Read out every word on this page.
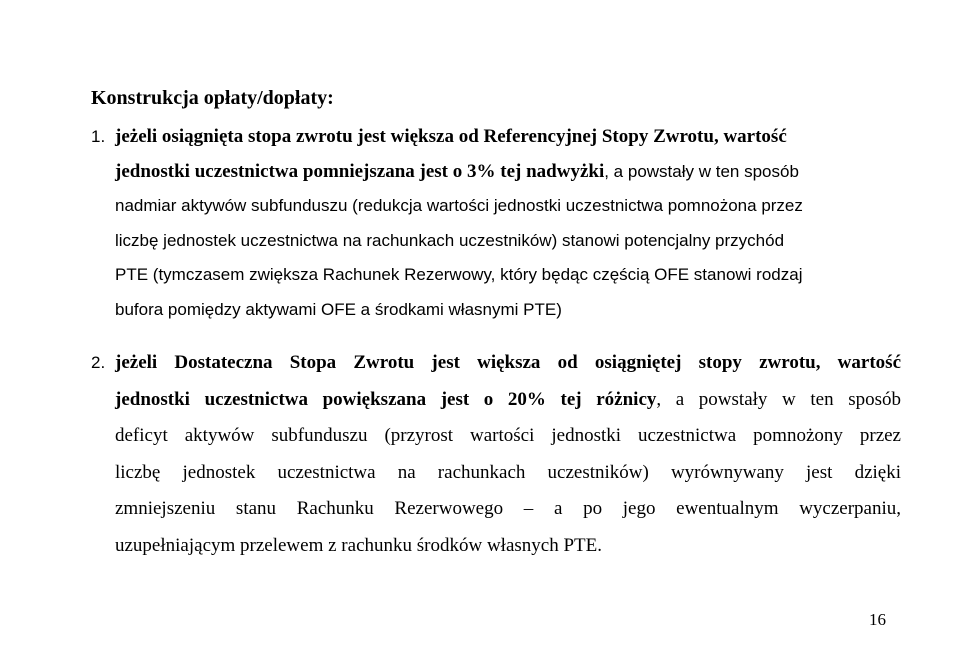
Konstrukcja opłaty/dopłaty:
1. jeżeli osiągnięta stopa zwrotu jest większa od Referencyjnej Stopy Zwrotu, wartość
jednostki uczestnictwa pomniejszana jest o 3% tej nadwyżki, a powstały w ten sposób
nadmiar aktywów subfunduszu (redukcja wartości jednostki uczestnictwa pomnożona przez
liczbę jednostek uczestnictwa na rachunkach uczestników) stanowi potencjalny przychód
PTE (tymczasem zwiększa Rachunek Rezerwowy, który będąc częścią OFE stanowi rodzaj
bufora pomiędzy aktywami OFE a środkami własnymi PTE)
2. jeżeli Dostateczna Stopa Zwrotu jest większa od osiągniętej stopy zwrotu, wartość
jednostki uczestnictwa powiększana jest o 20% tej różnicy, a powstały w ten sposób
deficyt aktywów subfunduszu (przyrost wartości jednostki uczestnictwa pomnożony przez
liczbę jednostek uczestnictwa na rachunkach uczestników) wyrównywany jest dzięki
zmniejszeniu stanu Rachunku Rezerwowego – a po jego ewentualnym wyczerpaniu,
uzupełniającym przelewem z rachunku środków własnych PTE.
16
